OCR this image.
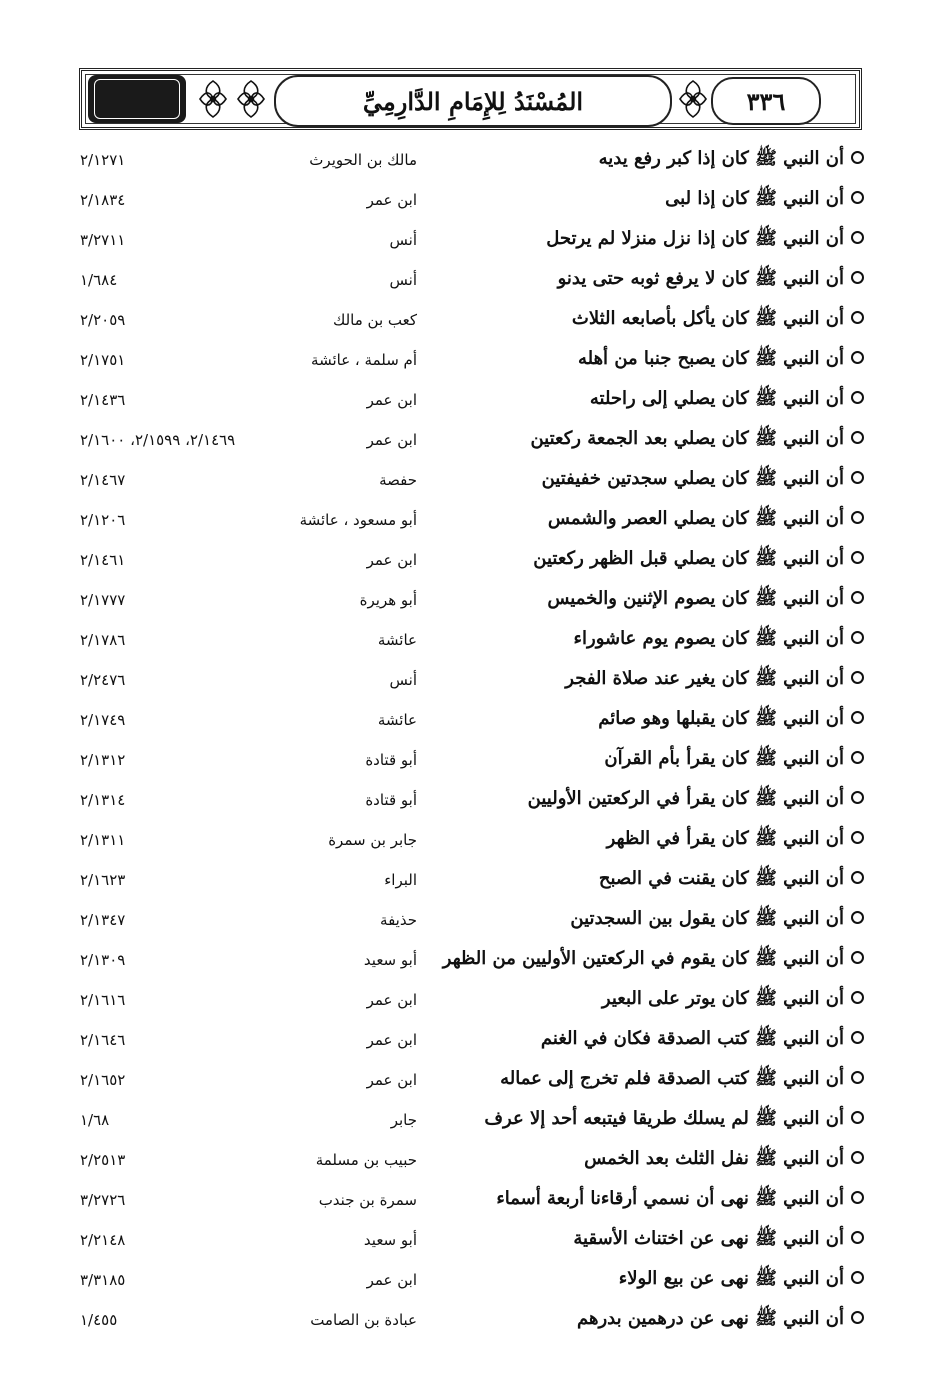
المُسْنَدُ لِلإِمَامِ الدَّارِمِيِّ	٣٣٦
أن النبي ﷺ كان إذا كبر رفع يديه
مالك بن الحويرث
٢/١٢٧١
أن النبي ﷺ كان إذا لبى
ابن عمر
٢/١٨٣٤
أن النبي ﷺ كان إذا نزل منزلا لم يرتحل
أنس
٣/٢٧١١
أن النبي ﷺ كان لا يرفع ثوبه حتى يدنو
أنس
١/٦٨٤
أن النبي ﷺ كان يأكل بأصابعه الثلاث
كعب بن مالك
٢/٢٠٥٩
أن النبي ﷺ كان يصبح جنبا من أهله
أم سلمة ، عائشة
٢/١٧٥١
أن النبي ﷺ كان يصلي إلى راحلته
ابن عمر
٢/١٤٣٦
أن النبي ﷺ كان يصلي بعد الجمعة ركعتين
ابن عمر
٢/١٤٦٩، ٢/١٥٩٩، ٢/١٦٠٠
أن النبي ﷺ كان يصلي سجدتين خفيفتين
حفصة
٢/١٤٦٧
أن النبي ﷺ كان يصلي العصر والشمس
أبو مسعود ، عائشة
٢/١٢٠٦
أن النبي ﷺ كان يصلي قبل الظهر ركعتين
ابن عمر
٢/١٤٦١
أن النبي ﷺ كان يصوم الإثنين والخميس
أبو هريرة
٢/١٧٧٧
أن النبي ﷺ كان يصوم يوم عاشوراء
عائشة
٢/١٧٨٦
أن النبي ﷺ كان يغير عند صلاة الفجر
أنس
٢/٢٤٧٦
أن النبي ﷺ كان يقبلها وهو صائم
عائشة
٢/١٧٤٩
أن النبي ﷺ كان يقرأ بأم القرآن
أبو قتادة
٢/١٣١٢
أن النبي ﷺ كان يقرأ في الركعتين الأوليين
أبو قتادة
٢/١٣١٤
أن النبي ﷺ كان يقرأ في الظهر
جابر بن سمرة
٢/١٣١١
أن النبي ﷺ كان يقنت في الصبح
البراء
٢/١٦٢٣
أن النبي ﷺ كان يقول بين السجدتين
حذيفة
٢/١٣٤٧
أن النبي ﷺ كان يقوم في الركعتين الأوليين من الظهر
أبو سعيد
٢/١٣٠٩
أن النبي ﷺ كان يوتر على البعير
ابن عمر
٢/١٦١٦
أن النبي ﷺ كتب الصدقة فكان في الغنم
ابن عمر
٢/١٦٤٦
أن النبي ﷺ كتب الصدقة فلم تخرج إلى عماله
ابن عمر
٢/١٦٥٢
أن النبي ﷺ لم يسلك طريقا فيتبعه أحد إلا عرف
جابر
١/٦٨
أن النبي ﷺ نفل الثلث بعد الخمس
حبيب بن مسلمة
٢/٢٥١٣
أن النبي ﷺ نهى أن نسمي أرقاءنا أربعة أسماء
سمرة بن جندب
٣/٢٧٢٦
أن النبي ﷺ نهى عن اختناث الأسقية
أبو سعيد
٢/٢١٤٨
أن النبي ﷺ نهى عن بيع الولاء
ابن عمر
٣/٣١٨٥
أن النبي ﷺ نهى عن درهمين بدرهم
عبادة بن الصامت
١/٤٥٥
